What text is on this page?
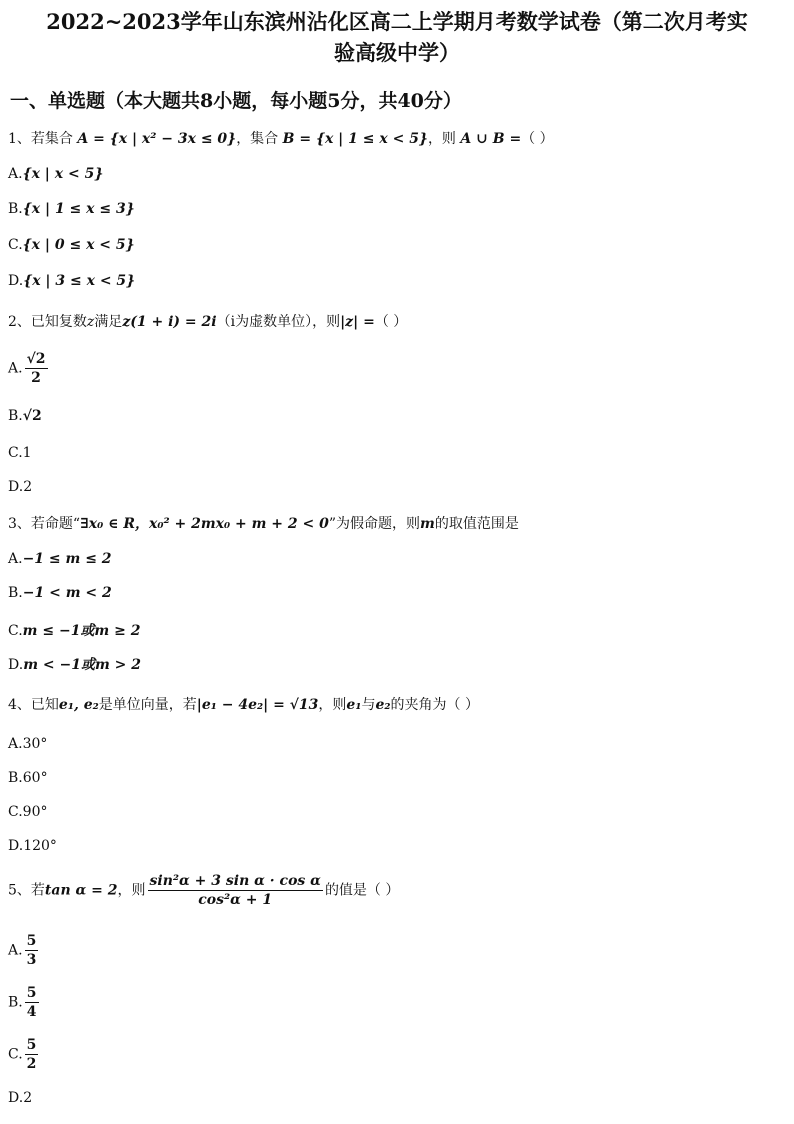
2022~2023学年山东滨州沾化区高二上学期月考数学试卷（第二次月考实
验高级中学）
一、单选题（本大题共8小题，每小题5分，共40分）
1、若集合 A = {x | x² − 3x ≤ 0}，集合 B = {x | 1 ≤ x < 5}，则 A ∪ B =（ ）
A.{x | x < 5}
B.{x | 1 ≤ x ≤ 3}
C.{x | 0 ≤ x < 5}
D.{x | 3 ≤ x < 5}
2、已知复数z满足z(1 + i) = 2i（i为虚数单位），则|z| =（ ）
A. $\frac{√2}{2}$
B.√2
C.1
D.2
3、若命题“∃x₀ ∈ R，x₀² + 2mx₀ + m + 2 < 0”为假命题，则m的取值范围是
A.−1 ≤ m ≤ 2
B.−1 < m < 2
C.m ≤ −1或m ≥ 2
D.m < −1或m > 2
4、已知e₁, e₂是单位向量，若|e₁ − 4e₂| = √13，则e₁与e₂的夹角为（ ）
A.30°
B.60°
C.90°
D.120°
5、若tan α = 2，则 $\frac{\text{sin²α + 3 sin α · cos α}}{\text{cos²α + 1}}$ 的值是（ ）
A. $\frac{5}{3}$
B. $\frac{5}{4}$
C. $\frac{5}{2}$
D.2
